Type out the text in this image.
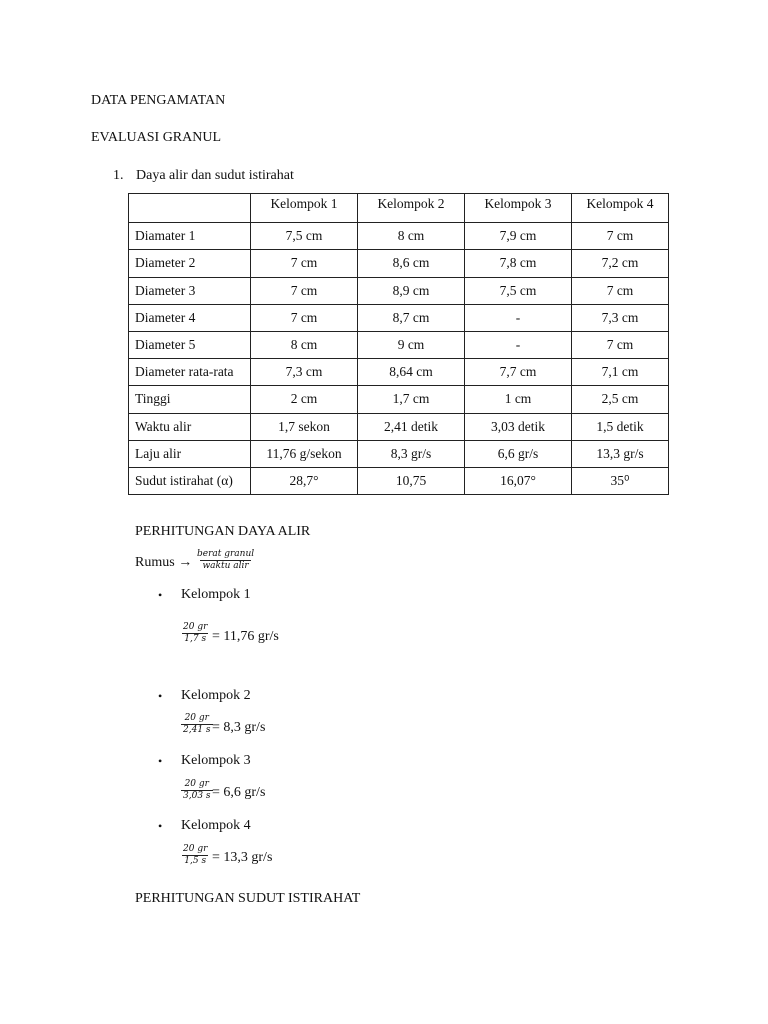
DATA PENGAMATAN
EVALUASI GRANUL
1. Daya alir dan sudut istirahat
	Kelompok 1	Kelompok 2	Kelompok 3	Kelompok 4
Diamater 1	7,5 cm	8 cm	7,9 cm	7 cm
Diameter 2	7 cm	8,6 cm	7,8 cm	7,2 cm
Diameter 3	7 cm	8,9 cm	7,5 cm	7 cm
Diameter 4	7 cm	8,7 cm	-	7,3 cm
Diameter 5	8 cm	9 cm	-	7 cm
Diameter rata-rata	7,3 cm	8,64 cm	7,7 cm	7,1 cm
Tinggi	2 cm	1,7 cm	1 cm	2,5 cm
Waktu alir	1,7 sekon	2,41 detik	3,03 detik	1,5 detik
Laju alir	11,76 g/sekon	8,3 gr/s	6,6 gr/s	13,3 gr/s
Sudut istirahat (α)	28,7°	10,75	16,07°	35⁰
PERHITUNGAN DAYA ALIR
Rumus →
berat granul
waktu alir
• Kelompok 1
$\frac{20 gr}{1,7 s} = 11,76$ gr/s
• Kelompok 2
$\frac{20 gr}{2,41 s} = 8,3$ gr/s
• Kelompok 3
$\frac{20 gr}{3,03 s} = 6,6$ gr/s
• Kelompok 4
$\frac{20 gr}{1,5 s} = 13,3$ gr/s
PERHITUNGAN SUDUT ISTIRAHAT
